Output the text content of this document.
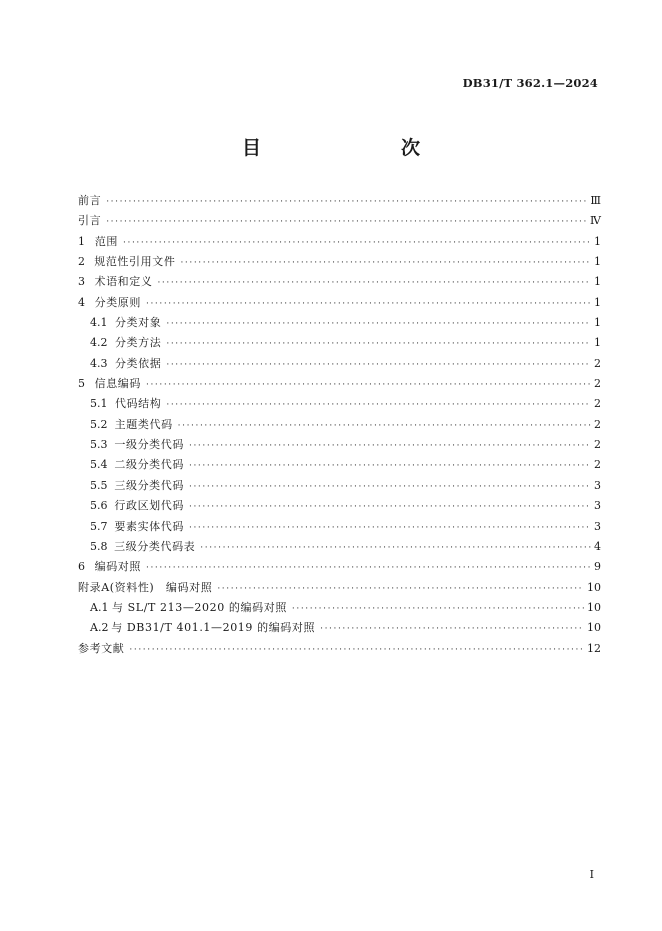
DB31/T 362.1—2024
目　　次
前言 ·····	Ⅲ
引言 ·····	Ⅳ
1 范围 ·····	1
2 规范性引用文件 ·····	1
3 术语和定义 ·····	1
4 分类原则 ·····	1
4.1 分类对象 ·····	1
4.2 分类方法 ·····	1
4.3 分类依据 ·····	2
5 信息编码 ·····	2
5.1 代码结构 ·····	2
5.2 主题类代码 ·····	2
5.3 一级分类代码 ·····	2
5.4 二级分类代码 ·····	2
5.5 三级分类代码 ·····	3
5.6 行政区划代码 ·····	3
5.7 要素实体代码 ·····	3
5.8 三级分类代码表 ·····	4
6 编码对照 ·····	9
附录A(资料性)　编码对照 ·····	10
A.1 与 SL/T 213—2020 的编码对照 ·····	10
A.2 与 DB31/T 401.1—2019 的编码对照 ·····	10
参考文献 ·····	12
I
